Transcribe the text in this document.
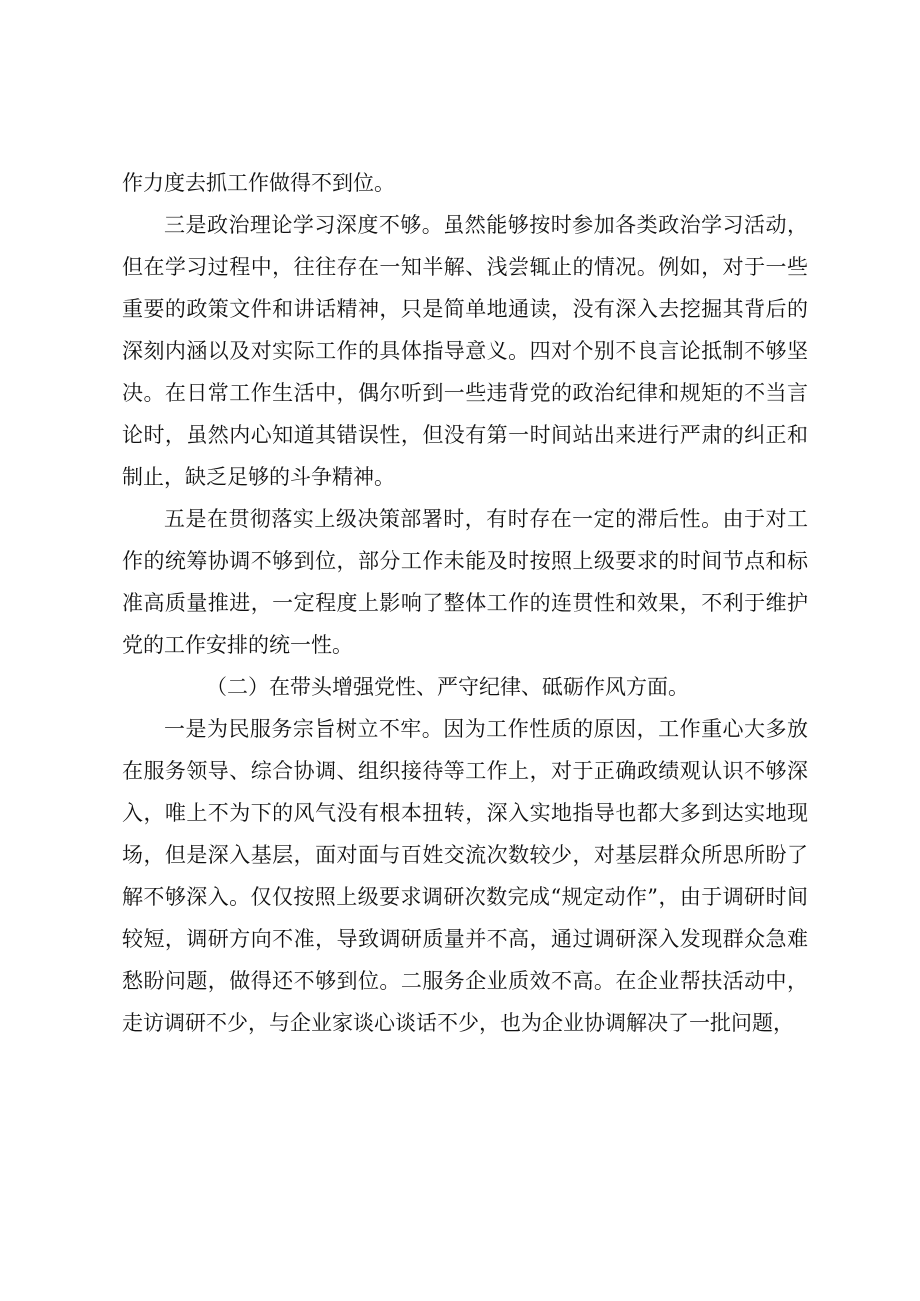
作力度去抓工作做得不到位。

三是政治理论学习深度不够。虽然能够按时参加各类政治学习活动，但在学习过程中，往往存在一知半解、浅尝辄止的情况。例如，对于一些重要的政策文件和讲话精神，只是简单地通读，没有深入去挖掘其背后的深刻内涵以及对实际工作的具体指导意义。四对个别不良言论抵制不够坚决。在日常工作生活中，偶尔听到一些违背党的政治纪律和规矩的不当言论时，虽然内心知道其错误性，但没有第一时间站出来进行严肃的纠正和制止，缺乏足够的斗争精神。

五是在贯彻落实上级决策部署时，有时存在一定的滞后性。由于对工作的统筹协调不够到位，部分工作未能及时按照上级要求的时间节点和标准高质量推进，一定程度上影响了整体工作的连贯性和效果，不利于维护党的工作安排的统一性。

（二）在带头增强党性、严守纪律、砥砺作风方面。

一是为民服务宗旨树立不牢。因为工作性质的原因，工作重心大多放在服务领导、综合协调、组织接待等工作上，对于正确政绩观认识不够深入，唯上不为下的风气没有根本扭转，深入实地指导也都大多到达实地现场，但是深入基层，面对面与百姓交流次数较少，对基层群众所思所盼了解不够深入。仅仅按照上级要求调研次数完成“规定动作”，由于调研时间较短，调研方向不准，导致调研质量并不高，通过调研深入发现群众急难愁盼问题，做得还不够到位。二服务企业质效不高。在企业帮扶活动中，走访调研不少，与企业家谈心谈话不少，也为企业协调解决了一批问题，
